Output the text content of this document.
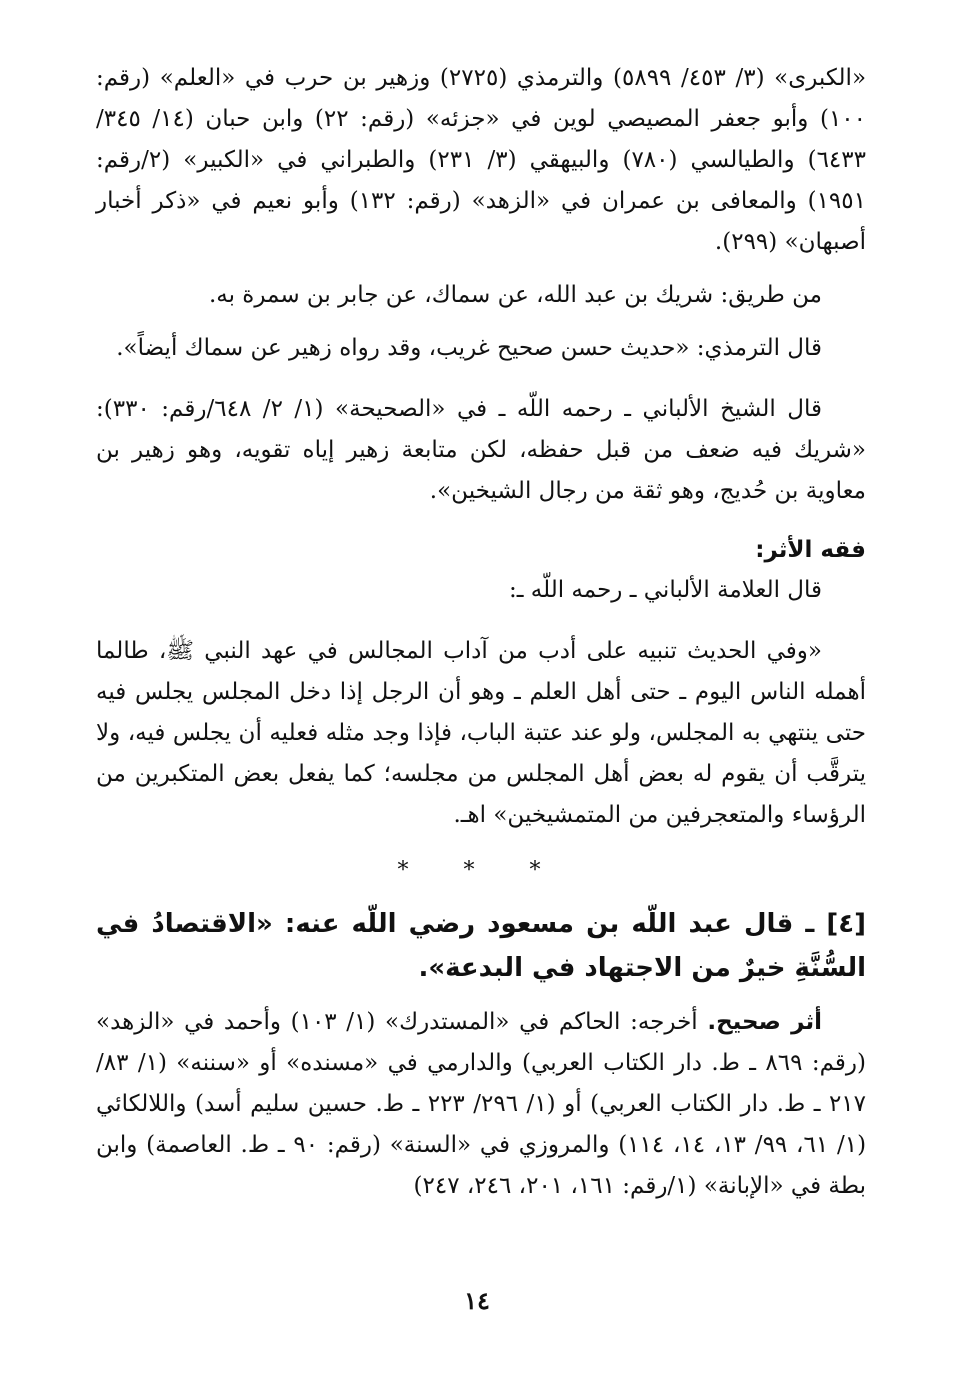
«الكبرى» (٣/ ٤٥٣/ ٥٨٩٩) والترمذي (٢٧٢٥) وزهير بن حرب في «العلم» (رقم: ١٠٠) وأبو جعفر المصيصي لوين في «جزئه» (رقم: ٢٢) وابن حبان (١٤/ ٣٤٥/ ٦٤٣٣) والطيالسي (٧٨٠) والبيهقي (٣/ ٢٣١) والطبراني في «الكبير» (٢/رقم: ١٩٥١) والمعافى بن عمران في «الزهد» (رقم: ١٣٢) وأبو نعيم في «ذكر أخبار أصبهان» (٢٩٩).

من طريق: شريك بن عبد الله، عن سماك، عن جابر بن سمرة به.

قال الترمذي: «حديث حسن صحيح غريب، وقد رواه زهير عن سماك أيضاً».

قال الشيخ الألباني ـ رحمه اللّه ـ في «الصحيحة» (١/ ٢/ ٦٤٨/رقم: ٣٣٠): «شريك فيه ضعف من قبل حفظه، لكن متابعة زهير إياه تقويه، وهو زهير بن معاوية بن حُديج، وهو ثقة من رجال الشيخين».

فقه الأثر:

قال العلامة الألباني ـ رحمه اللّه ـ:

«وفي الحديث تنبيه على أدب من آداب المجالس في عهد النبي ﷺ، طالما أهمله الناس اليوم ـ حتى أهل العلم ـ وهو أن الرجل إذا دخل المجلس يجلس فيه حتى ينتهي به المجلس، ولو عند عتبة الباب، فإذا وجد مثله فعليه أن يجلس فيه، ولا يترقَّب أن يقوم له بعض أهل المجلس من مجلسه؛ كما يفعل بعض المتكبرين من الرؤساء والمتعجرفين من المتمشيخين» اهـ.

* * *
[٤] ـ قال عبد اللّه بن مسعود رضي اللّه عنه: «الاقتصادُ في السُّنَّةِ خيرٌ من الاجتهاد في البدعة».

أثر صحيح. أخرجه: الحاكم في «المستدرك» (١/ ١٠٣) وأحمد في «الزهد» (رقم: ٨٦٩ ـ ط. دار الكتاب العربي) والدارمي في «مسنده» أو «سننه» (١/ ٨٣/ ٢١٧ ـ ط. دار الكتاب العربي) أو (١/ ٢٩٦/ ٢٢٣ ـ ط. حسين سليم أسد) واللالكائي (١/ ٦١، ٩٩/ ١٣، ١٤، ١١٤) والمروزي في «السنة» (رقم: ٩٠ ـ ط. العاصمة) وابن بطة في «الإبانة» (١/رقم: ١٦١، ٢٠١، ٢٤٦، ٢٤٧)

١٤
